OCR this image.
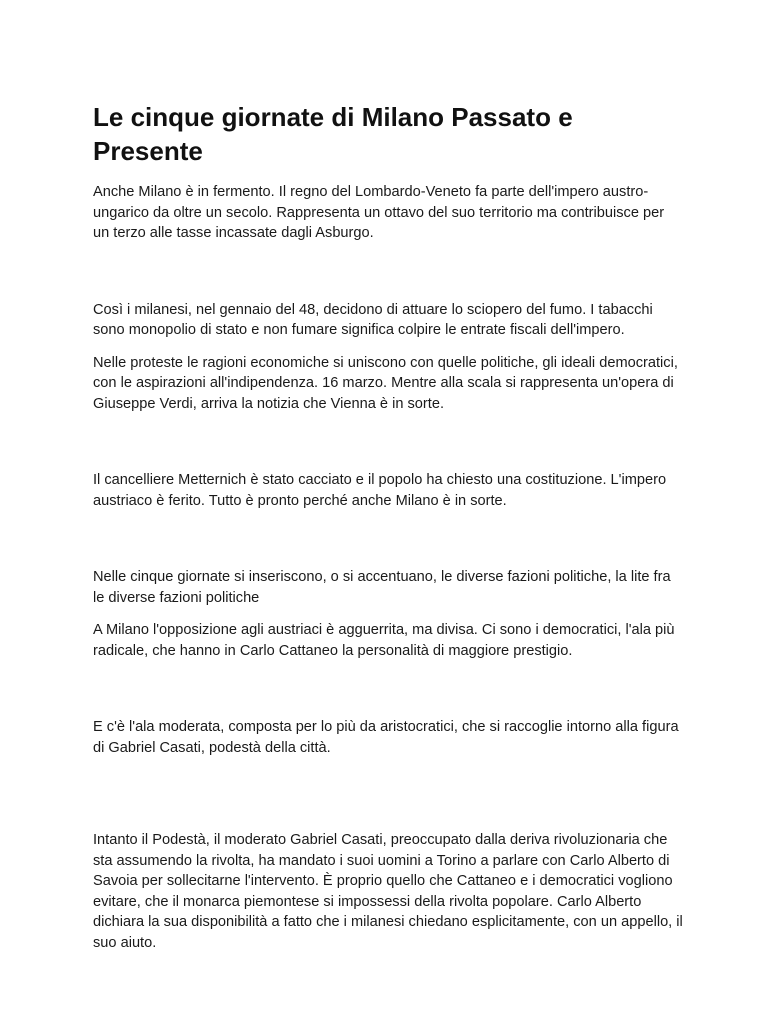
Le cinque giornate di Milano Passato e Presente

Anche Milano è in fermento. Il regno del Lombardo-Veneto fa parte dell'impero austro-ungarico da oltre un secolo. Rappresenta un ottavo del suo territorio ma contribuisce per un terzo alle tasse incassate dagli Asburgo.

Così i milanesi, nel gennaio del 48, decidono di attuare lo sciopero del fumo. I tabacchi sono monopolio di stato e non fumare significa colpire le entrate fiscali dell'impero.

Nelle proteste le ragioni economiche si uniscono con quelle politiche, gli ideali democratici, con le aspirazioni all'indipendenza. 16 marzo. Mentre alla scala si rappresenta un'opera di Giuseppe Verdi, arriva la notizia che Vienna è in sorte.

Il cancelliere Metternich è stato cacciato e il popolo ha chiesto una costituzione. L'impero austriaco è ferito. Tutto è pronto perché anche Milano è in sorte.

Nelle cinque giornate si inseriscono, o si accentuano, le diverse fazioni politiche, la lite fra le diverse fazioni politiche

A Milano l'opposizione agli austriaci è agguerrita, ma divisa. Ci sono i democratici, l'ala più radicale, che hanno in Carlo Cattaneo la personalità di maggiore prestigio.

E c'è l'ala moderata, composta per lo più da aristocratici, che si raccoglie intorno alla figura di Gabriel Casati, podestà della città.

Intanto il Podestà, il moderato Gabriel Casati, preoccupato dalla deriva rivoluzionaria che sta assumendo la rivolta, ha mandato i suoi uomini a Torino a parlare con Carlo Alberto di Savoia per sollecitarne l'intervento. È proprio quello che Cattaneo e i democratici vogliono evitare, che il monarca piemontese si impossessi della rivolta popolare. Carlo Alberto dichiara la sua disponibilità a fatto che i milanesi chiedano esplicitamente, con un appello, il suo aiuto.
